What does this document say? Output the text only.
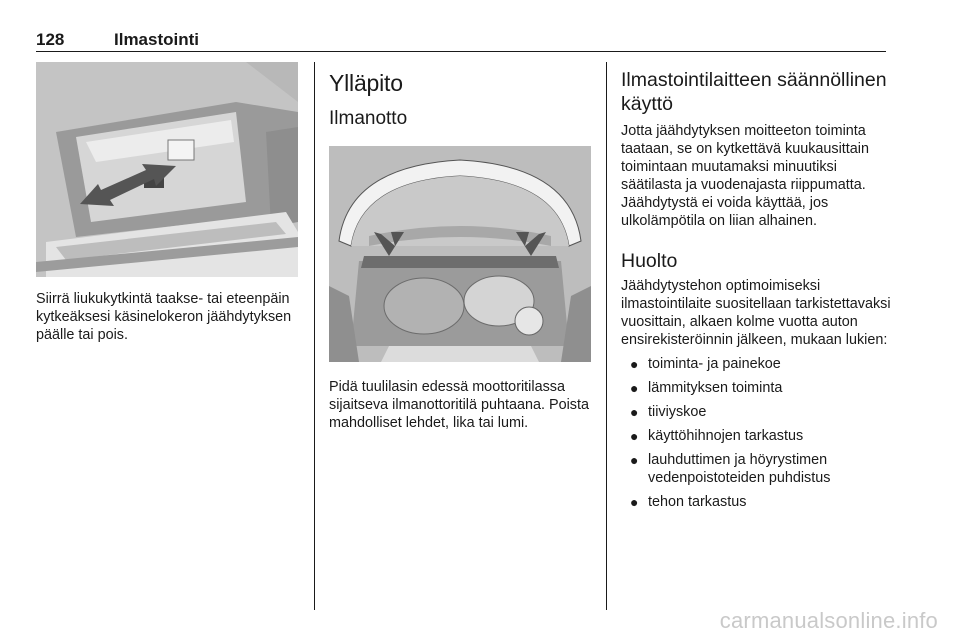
128	Ilmastointi

Siirrä liukukytkintä taakse- tai eteenpäin kytkeäksesi käsinelokeron jäähdytyksen päälle tai pois.

Ylläpito
Ilmanotto

Pidä tuulilasin edessä moottoritilassa sijaitseva ilmanottoritilä puhtaana. Poista mahdolliset lehdet, lika tai lumi.

Ilmastointilaitteen säännöllinen käyttö

Jotta jäähdytyksen moitteeton toiminta taataan, se on kytkettävä kuukausittain toimintaan muutamaksi minuutiksi säätilasta ja vuodenajasta riippumatta. Jäähdytystä ei voida käyttää, jos ulkolämpötila on liian alhainen.

Huolto

Jäähdytystehon optimoimiseksi ilmastointilaite suositellaan tarkistettavaksi vuosittain, alkaen kolme vuotta auton ensirekisteröinnin jälkeen, mukaan lukien:

● toiminta- ja painekoe
● lämmityksen toiminta
● tiiviyskoe
● käyttöhihnojen tarkastus
● lauhduttimen ja höyrystimen vedenpoistoteiden puhdistus
● tehon tarkastus
carmanualsonline.info
